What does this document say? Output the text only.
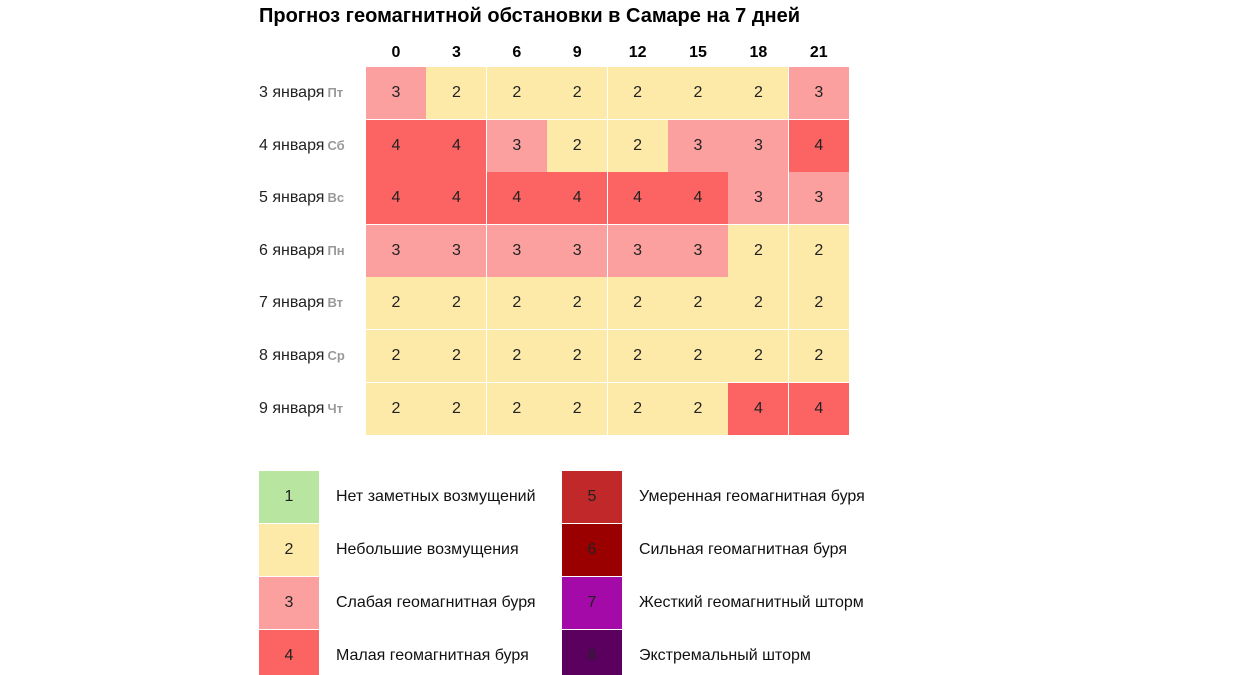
Прогноз геомагнитной обстановки в Самаре на 7 дней
0	3	6	9	12	15	18	21
3 января Пт	3	2	2	2	2	2	2	3
4 января Сб	4	4	3	2	2	3	3	4
5 января Вс	4	4	4	4	4	4	3	3
6 января Пн	3	3	3	3	3	3	2	2
7 января Вт	2	2	2	2	2	2	2	2
8 января Ср	2	2	2	2	2	2	2	2
9 января Чт	2	2	2	2	2	2	4	4
1	Нет заметных возмущений
2	Небольшие возмущения
3	Слабая геомагнитная буря
4	Малая геомагнитная буря
5	Умеренная геомагнитная буря
6	Сильная геомагнитная буря
7	Жесткий геомагнитный шторм
8	Экстремальный шторм
